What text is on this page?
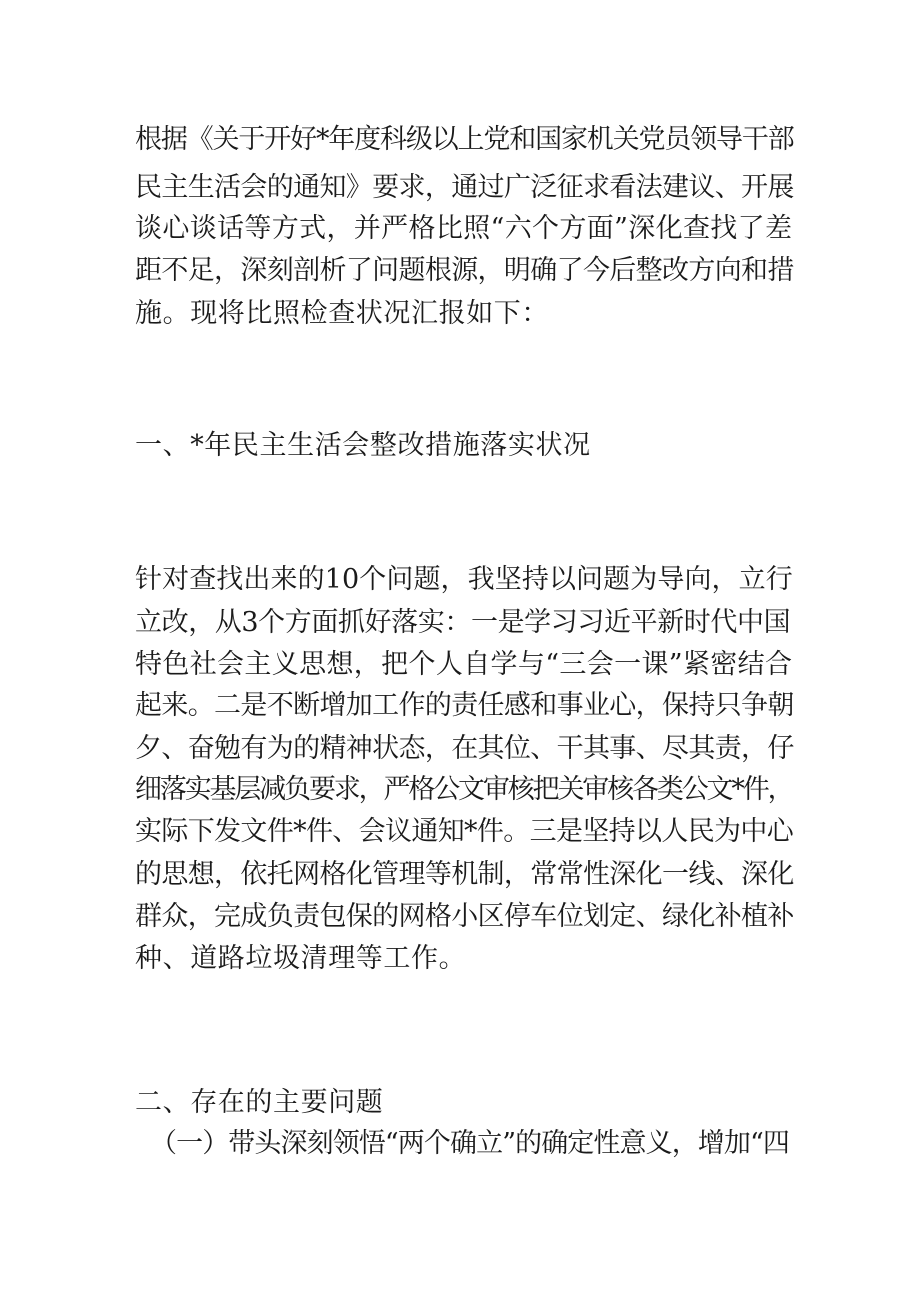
根据《关于开好*年度科级以上党和国家机关党员领导干部
民主生活会的通知》要求，通过广泛征求看法建议、开展
谈心谈话等方式，并严格比照“六个方面”深化查找了差
距不足，深刻剖析了问题根源，明确了今后整改方向和措
施。现将比照检查状况汇报如下：
一、*年民主生活会整改措施落实状况
针对查找出来的10个问题，我坚持以问题为导向，立行
立改，从3个方面抓好落实：一是学习习近平新时代中国
特色社会主义思想，把个人自学与“三会一课”紧密结合
起来。二是不断增加工作的责任感和事业心，保持只争朝
夕、奋勉有为的精神状态，在其位、干其事、尽其责，仔
细落实基层减负要求，严格公文审核把关审核各类公文*件，
实际下发文件*件、会议通知*件。三是坚持以人民为中心
的思想，依托网格化管理等机制，常常性深化一线、深化
群众，完成负责包保的网格小区停车位划定、绿化补植补
种、道路垃圾清理等工作。
二、存在的主要问题
（一）带头深刻领悟“两个确立”的确定性意义，增加“四
